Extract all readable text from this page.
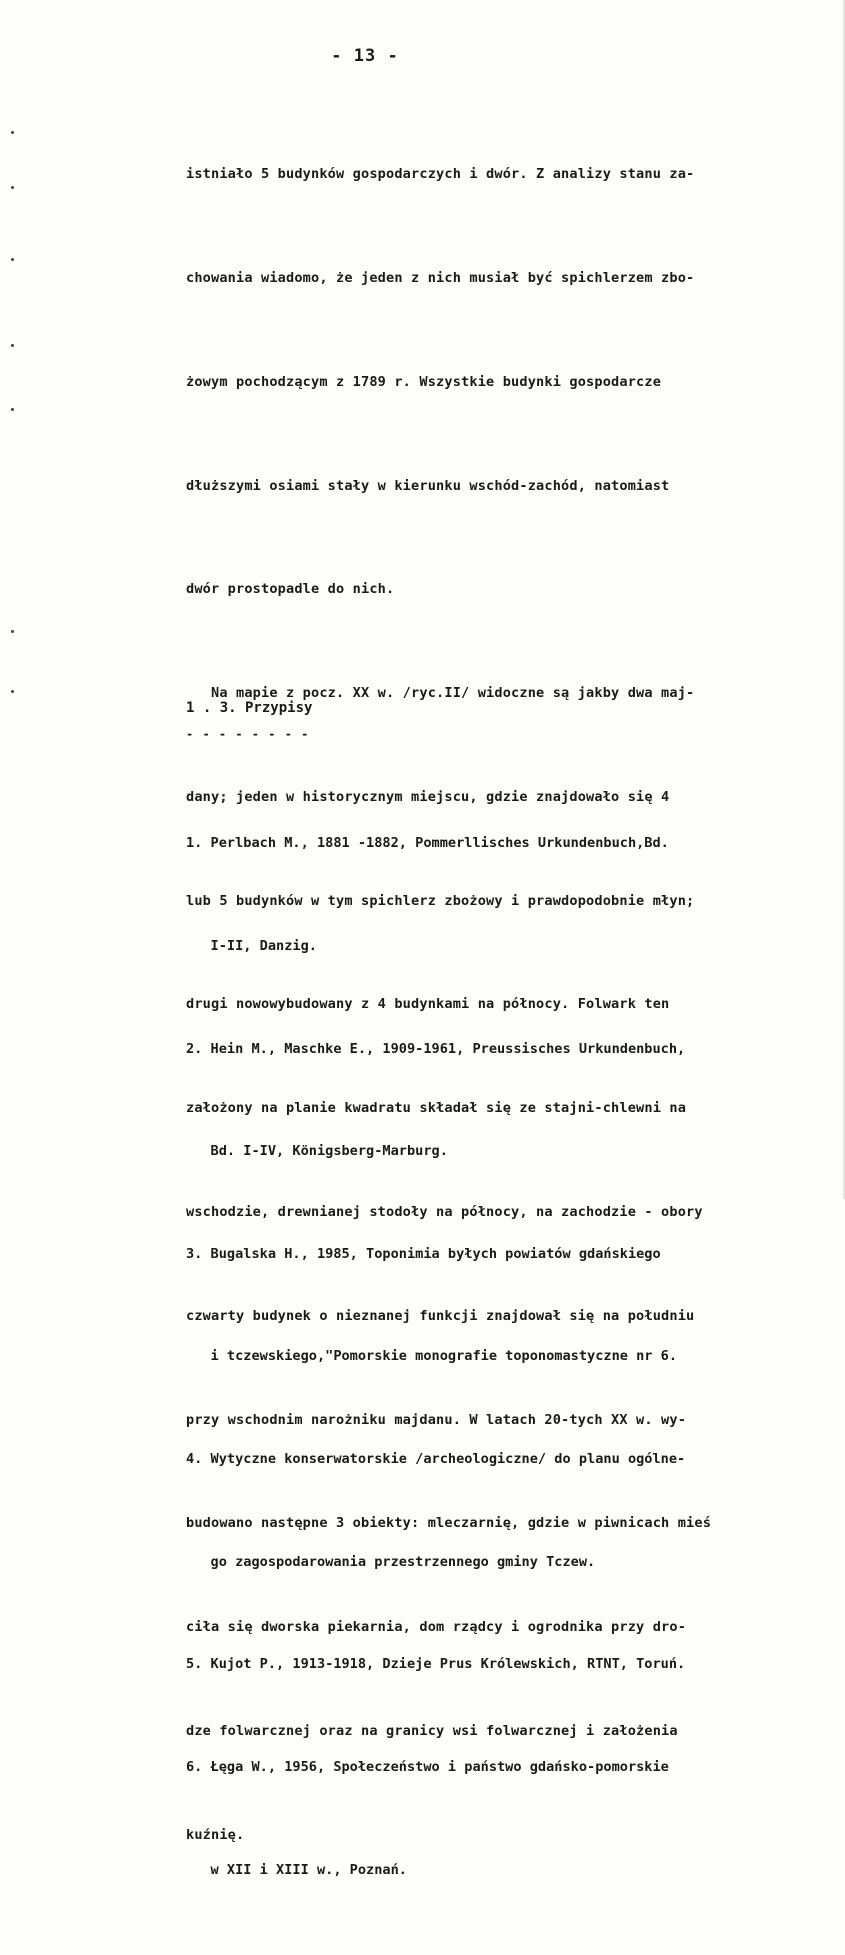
- 13 -

istniało 5 budynków gospodarczych i dwór. Z analizy stanu za-

chowania wiadomo, że jeden z nich musiał być spichlerzem zbo-

żowym pochodzącym z 1789 r. Wszystkie budynki gospodarcze

dłuższymi osiami stały w kierunku wschód-zachód, natomiast

dwór prostopadle do nich.

Na mapie z pocz. XX w. /ryc.II/ widoczne są jakby dwa maj-

dany; jeden w historycznym miejscu, gdzie znajdowało się 4

lub 5 budynków w tym spichlerz zbożowy i prawdopodobnie młyn;

drugi nowowybudowany z 4 budynkami na północy. Folwark ten

założony na planie kwadratu składał się ze stajni-chlewni na

wschodzie, drewnianej stodoły na północy, na zachodzie - obory

czwarty budynek o nieznanej funkcji znajdował się na południu

przy wschodnim narożniku majdanu. W latach 20-tych XX w. wy-

budowano następne 3 obiekty: mleczarnię, gdzie w piwnicach mieś

ciła się dworska piekarnia, dom rządcy i ogrodnika przy dro-

dze folwarcznej oraz na granicy wsi folwarcznej i założenia

kuźnię.

1 . 3. Przypisy
- - - - - - - -

1. Perlbach M., 1881 -1882, Pommerllisches Urkundenbuch,Bd.

I-II, Danzig.

2. Hein M., Maschke E., 1909-1961, Preussisches Urkundenbuch,

Bd. I-IV, Königsberg-Marburg.

3. Bugalska H., 1985, Toponimia byłych powiatów gdańskiego

i tczewskiego,"Pomorskie monografie toponomastyczne nr 6.

4. Wytyczne konserwatorskie /archeologiczne/ do planu ogólne-

go zagospodarowania przestrzennego gminy Tczew.

5. Kujot P., 1913-1918, Dzieje Prus Królewskich, RTNT, Toruń.

6. Łęga W., 1956, Społeczeństwo i państwo gdańsko-pomorskie

w XII i XIII w., Poznań.
